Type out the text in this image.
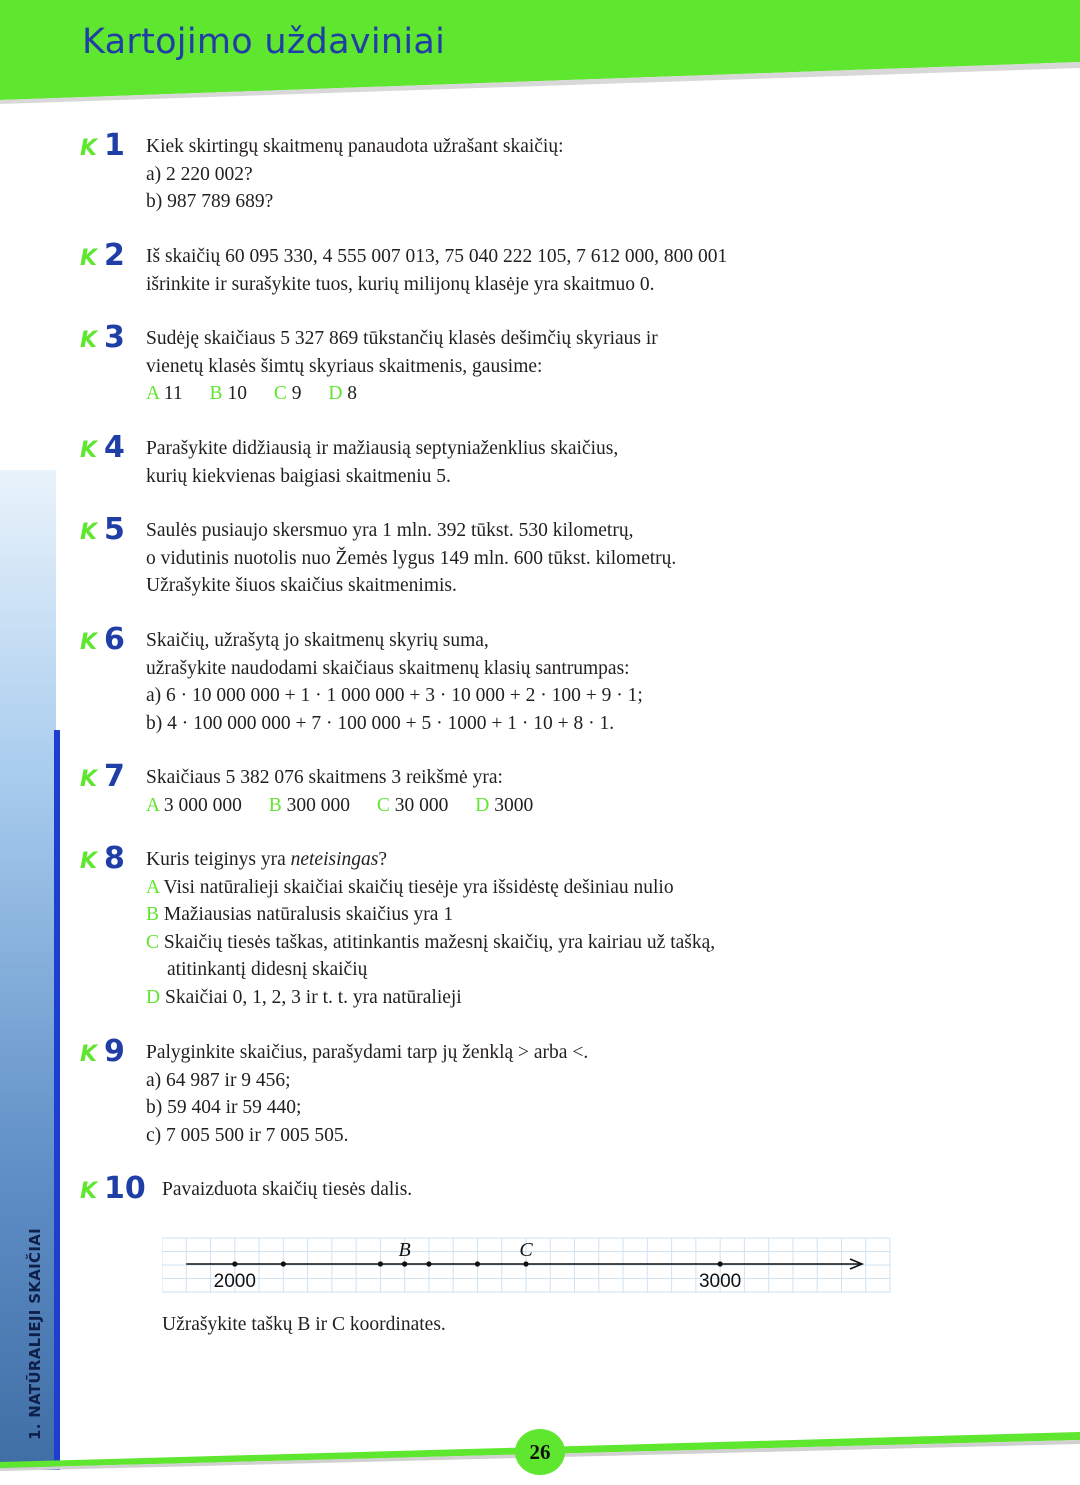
Kartojimo uždaviniai
1. NATŪRALIEJI SKAIČIAI
26
K 1 Kiek skirtingų skaitmenų panaudota užrašant skaičių:
a) 2 220 002?
b) 987 789 689?
K 2 Iš skaičių 60 095 330, 4 555 007 013, 75 040 222 105, 7 612 000, 800 001
išrinkite ir surašykite tuos, kurių milijonų klasėje yra skaitmuo 0.
K 3 Sudėję skaičiaus 5 327 869 tūkstančių klasės dešimčių skyriaus ir
vienetų klasės šimtų skyriaus skaitmenis, gausime:
A 11 B 10 C 9 D 8
K 4 Parašykite didžiausią ir mažiausią septyniaženklius skaičius,
kurių kiekvienas baigiasi skaitmeniu 5.
K 5 Saulės pusiaujo skersmuo yra 1 mln. 392 tūkst. 530 kilometrų,
o vidutinis nuotolis nuo Žemės lygus 149 mln. 600 tūkst. kilometrų.
Užrašykite šiuos skaičius skaitmenimis.
K 6 Skaičių, užrašytą jo skaitmenų skyrių suma,
užrašykite naudodami skaičiaus skaitmenų klasių santrumpas:
a) 6 · 10 000 000 + 1 · 1 000 000 + 3 · 10 000 + 2 · 100 + 9 · 1;
b) 4 · 100 000 000 + 7 · 100 000 + 5 · 1000 + 1 · 10 + 8 · 1.
K 7 Skaičiaus 5 382 076 skaitmens 3 reikšmė yra:
A 3 000 000 B 300 000 C 30 000 D 3000
K 8 Kuris teiginys yra neteisingas?
A Visi natūralieji skaičiai skaičių tiesėje yra išsidėstę dešiniau nulio
B Mažiausias natūralusis skaičius yra 1
C Skaičių tiesės taškas, atitinkantis mažesnį skaičių, yra kairiau už tašką,
atitinkantį didesnį skaičių
D Skaičiai 0, 1, 2, 3 ir t. t. yra natūralieji
K 9 Palyginkite skaičius, parašydami tarp jų ženklą > arba <.
a) 64 987 ir 9 456;
b) 59 404 ir 59 440;
c) 7 005 500 ir 7 005 505.
K 10 Pavaizduota skaičių tiesės dalis.
2000	3000
B	C
Užrašykite taškų B ir C koordinates.
